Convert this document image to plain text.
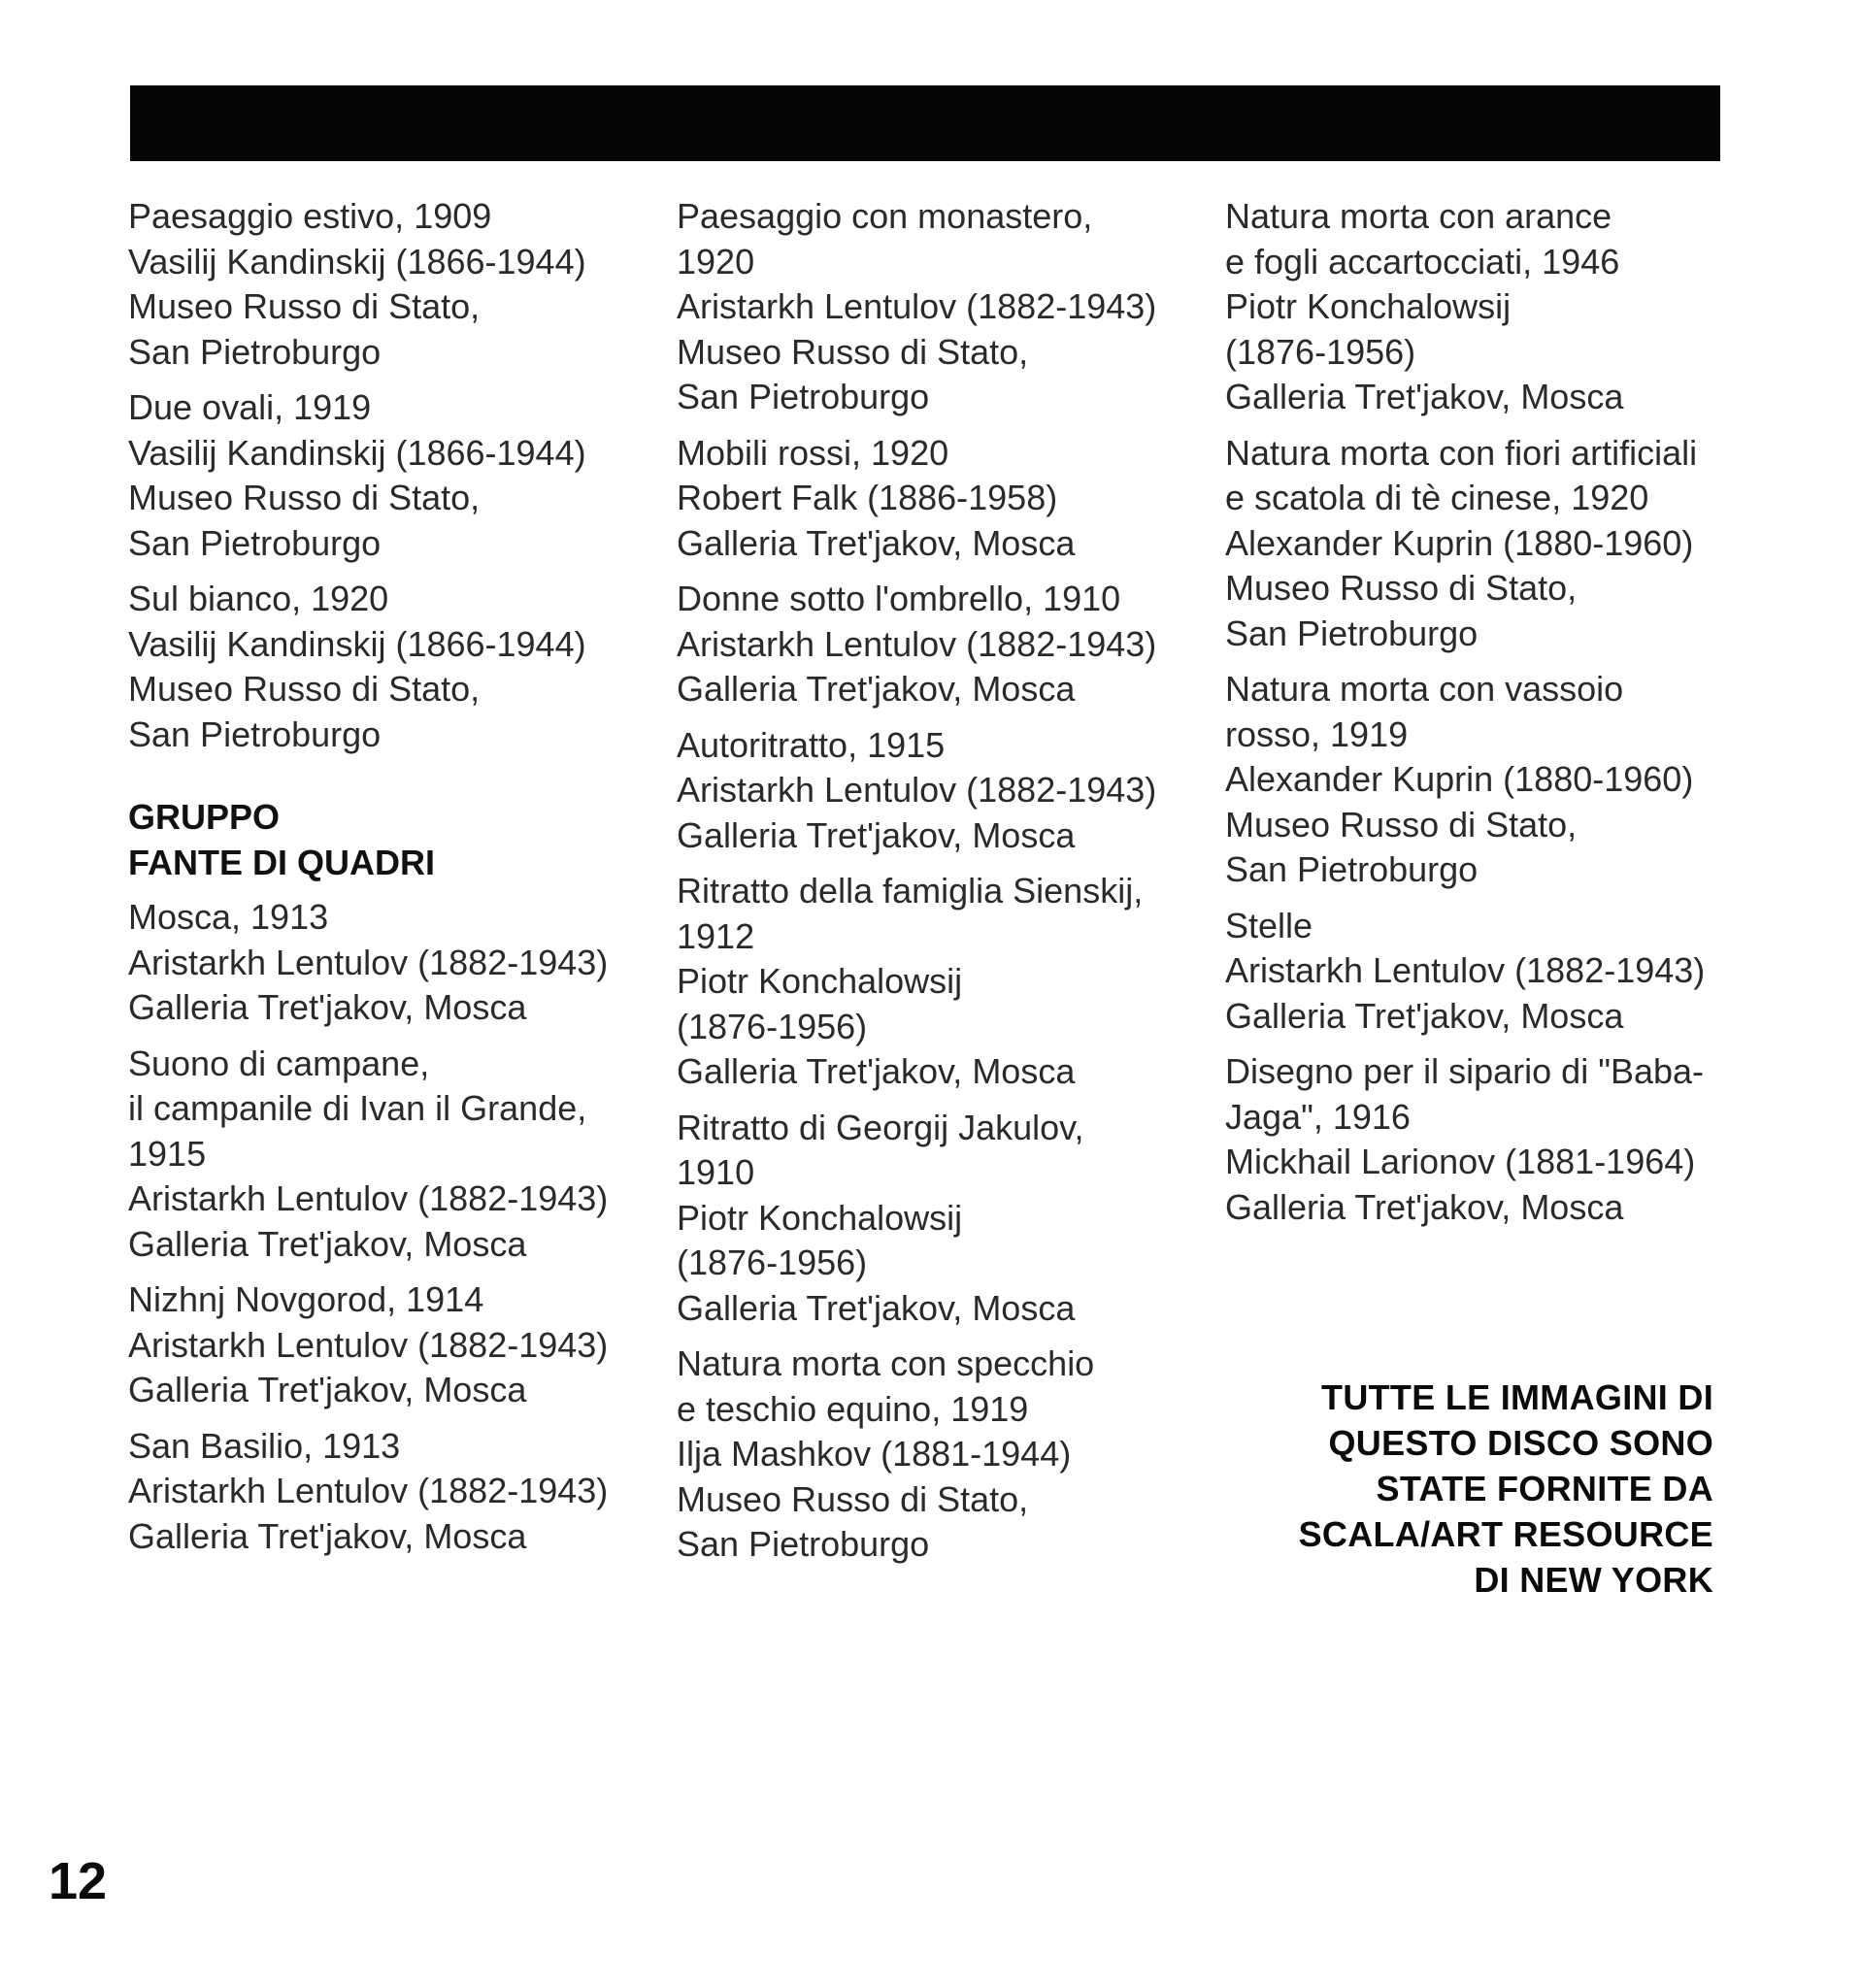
Paesaggio estivo, 1909
Vasilij Kandinskij (1866-1944)
Museo Russo di Stato,
San Pietroburgo
Due ovali, 1919
Vasilij Kandinskij (1866-1944)
Museo Russo di Stato,
San Pietroburgo
Sul bianco, 1920
Vasilij Kandinskij (1866-1944)
Museo Russo di Stato,
San Pietroburgo
GRUPPO
FANTE DI QUADRI
Mosca, 1913
Aristarkh Lentulov (1882-1943)
Galleria Tret'jakov, Mosca
Suono di campane,
il campanile di Ivan il Grande,
1915
Aristarkh Lentulov (1882-1943)
Galleria Tret'jakov, Mosca
Nizhnj Novgorod, 1914
Aristarkh Lentulov (1882-1943)
Galleria Tret'jakov, Mosca
San Basilio, 1913
Aristarkh Lentulov (1882-1943)
Galleria Tret'jakov, Mosca
Paesaggio con monastero,
1920
Aristarkh Lentulov (1882-1943)
Museo Russo di Stato,
San Pietroburgo
Mobili rossi, 1920
Robert Falk (1886-1958)
Galleria Tret'jakov, Mosca
Donne sotto l'ombrello, 1910
Aristarkh Lentulov (1882-1943)
Galleria Tret'jakov, Mosca
Autoritratto, 1915
Aristarkh Lentulov (1882-1943)
Galleria Tret'jakov, Mosca
Ritratto della famiglia Sienskij,
1912
Piotr Konchalowsij
(1876-1956)
Galleria Tret'jakov, Mosca
Ritratto di Georgij Jakulov,
1910
Piotr Konchalowsij
(1876-1956)
Galleria Tret'jakov, Mosca
Natura morta con specchio
e teschio equino, 1919
Ilja Mashkov (1881-1944)
Museo Russo di Stato,
San Pietroburgo
Natura morta con arance
e fogli accartocciati, 1946
Piotr Konchalowsij
(1876-1956)
Galleria Tret'jakov, Mosca
Natura morta con fiori artificiali
e scatola di tè cinese, 1920
Alexander Kuprin (1880-1960)
Museo Russo di Stato,
San Pietroburgo
Natura morta con vassoio
rosso, 1919
Alexander Kuprin (1880-1960)
Museo Russo di Stato,
San Pietroburgo
Stelle
Aristarkh Lentulov (1882-1943)
Galleria Tret'jakov, Mosca
Disegno per il sipario di "Baba-
Jaga", 1916
Mickhail Larionov (1881-1964)
Galleria Tret'jakov, Mosca
TUTTE LE IMMAGINI DI
QUESTO DISCO SONO
STATE FORNITE DA
SCALA/ART RESOURCE
DI NEW YORK
12
